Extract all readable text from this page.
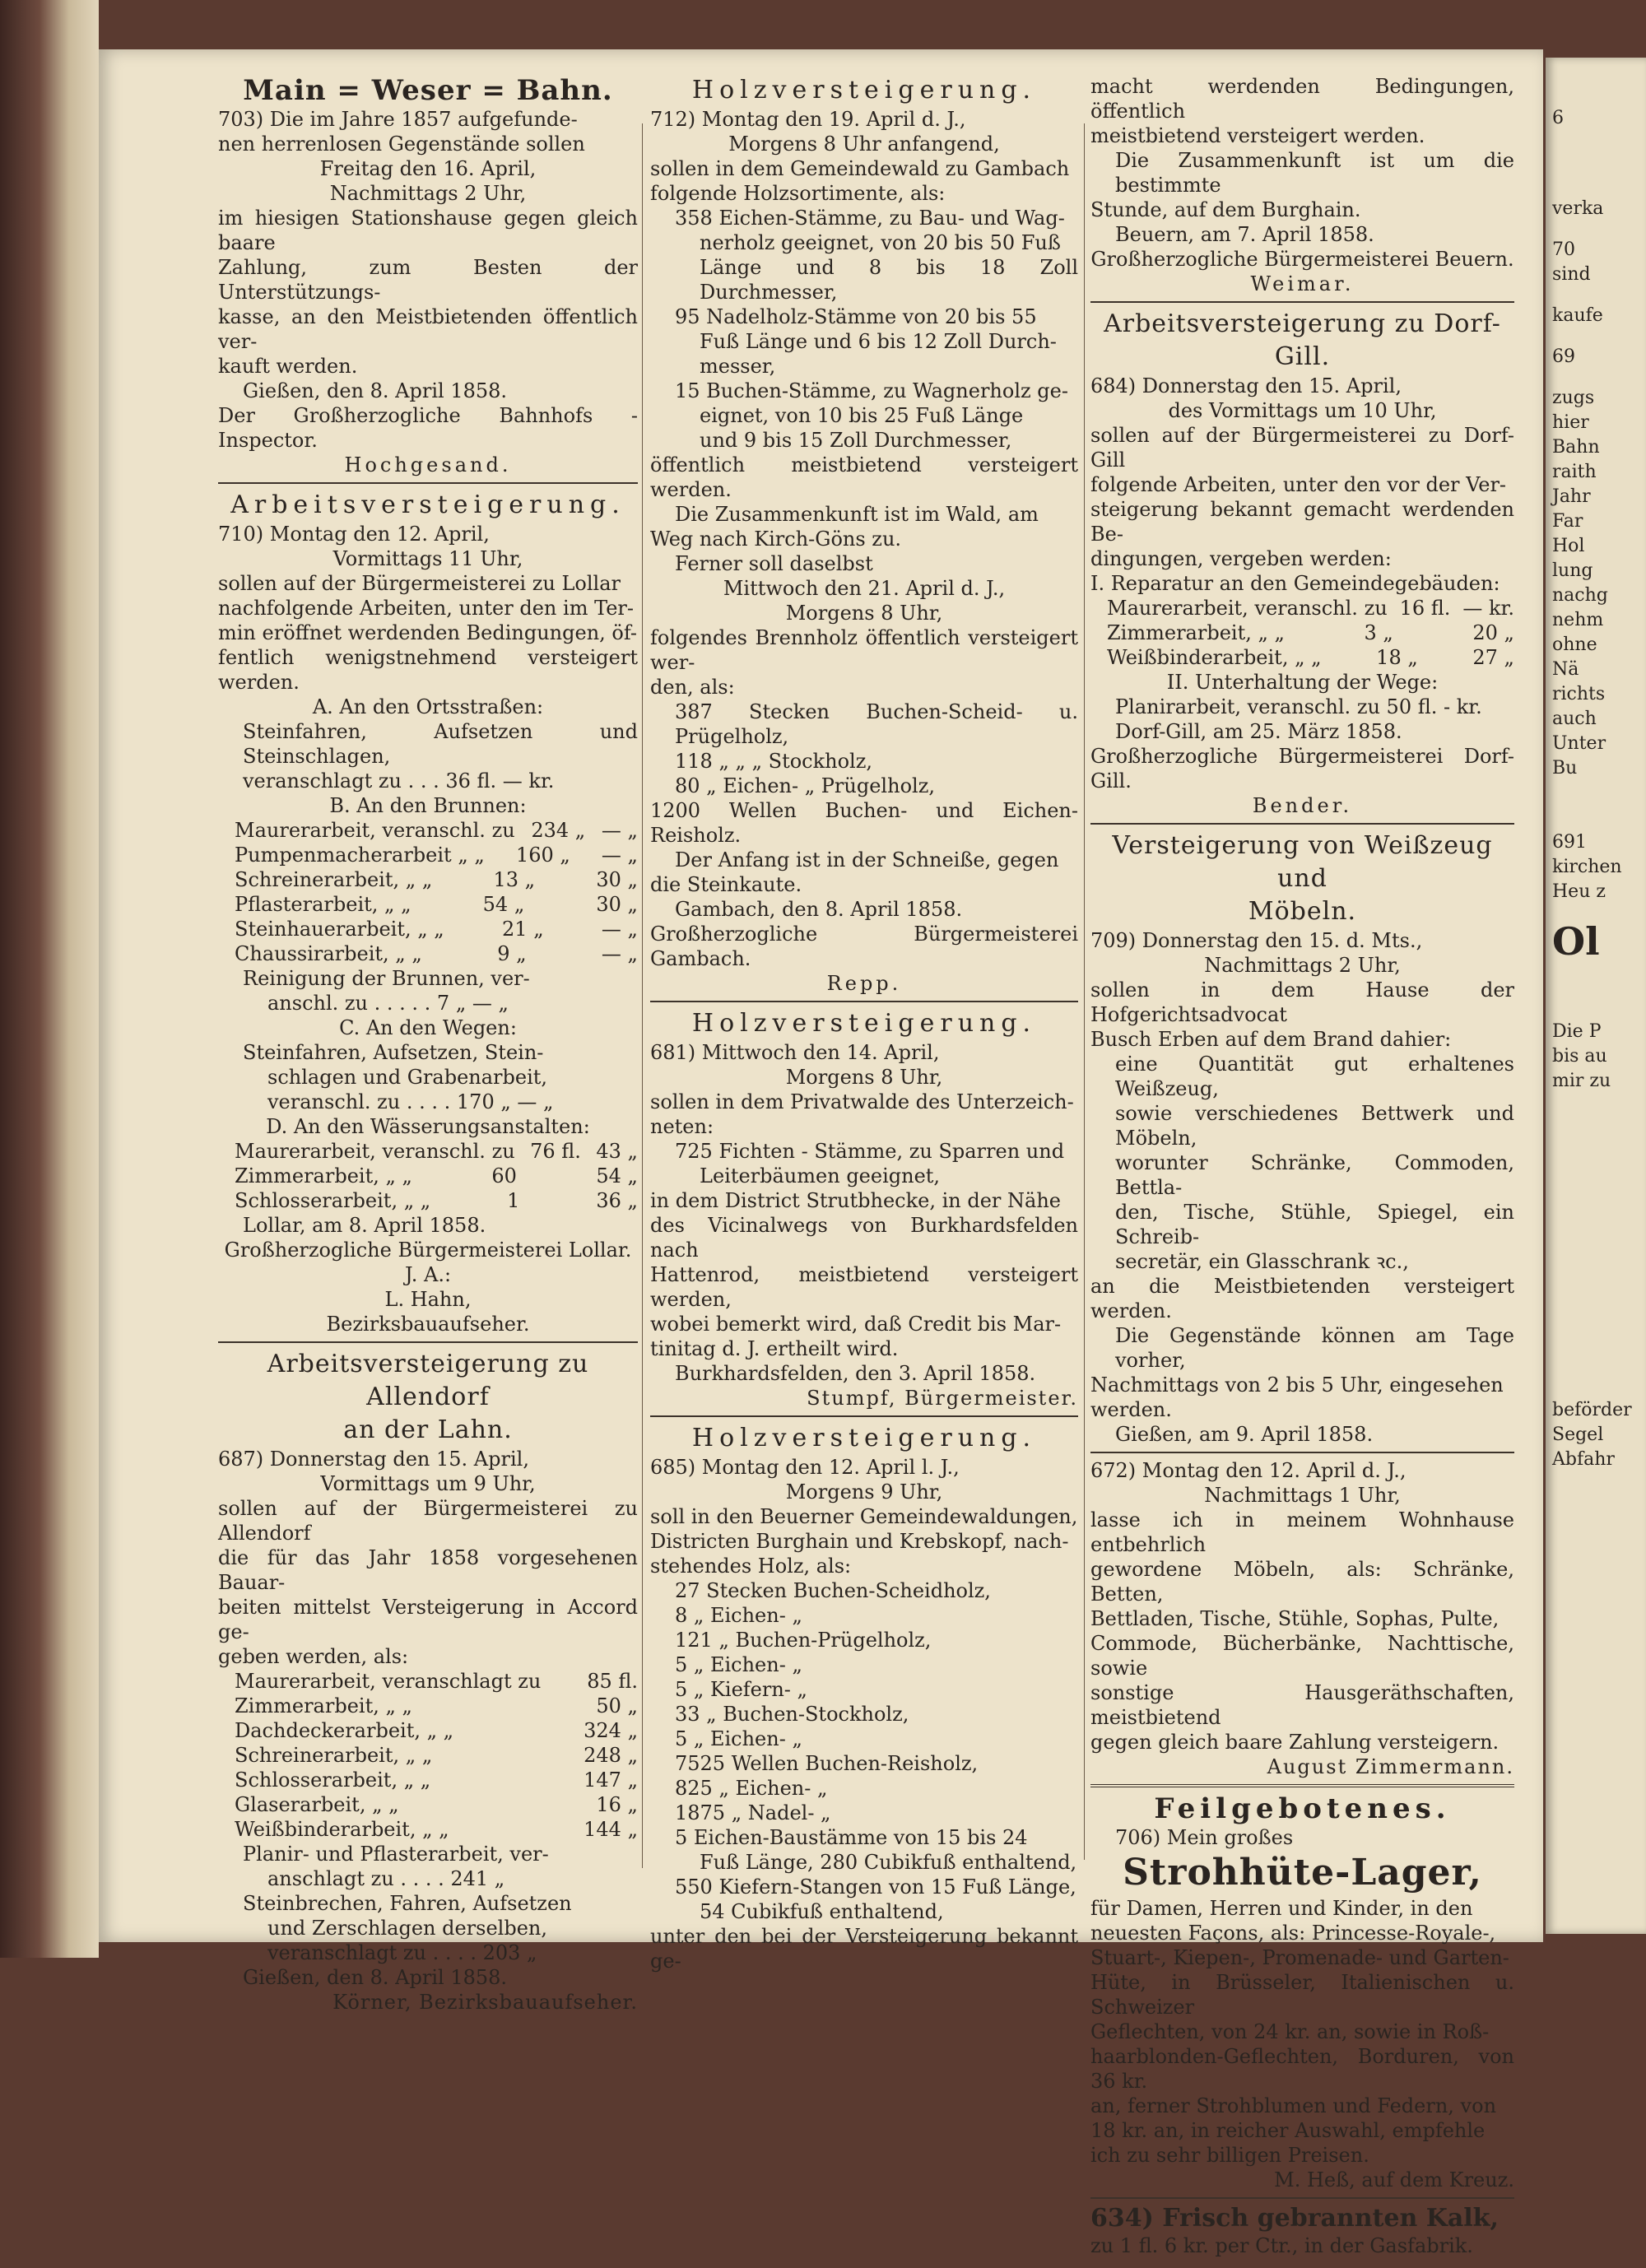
Main = Weser = Bahn.

703) Die im Jahre 1857 aufgefunde-

nen herrenlosen Gegenstände sollen

Freitag den 16. April,

Nachmittags 2 Uhr,

im hiesigen Stationshause gegen gleich baare

Zahlung, zum Besten der Unterstützungs-

kasse, an den Meistbietenden öffentlich ver-

kauft werden.

Gießen, den 8. April 1858.

Der Großherzogliche Bahnhofs - Inspector.

Hochgesand.

Arbeitsversteigerung.

710) Montag den 12. April,

Vormittags 11 Uhr,

sollen auf der Bürgermeisterei zu Lollar

nachfolgende Arbeiten, unter den im Ter-

min eröffnet werdenden Bedingungen, öf-

fentlich wenigstnehmend versteigert werden.

A. An den Ortsstraßen:

Steinfahren, Aufsetzen und Steinschlagen,

veranschlagt zu . . . 36 fl. — kr.

B. An den Brunnen:

Maurerarbeit, veranschl. zu 234 „ — „
Pumpenmacherarbeit „ „ 160 „ — „
Schreinerarbeit, „ „	13 „	30 „
Pflasterarbeit, „ „	54 „	30 „
Steinhauerarbeit, „ „	21 „	— „
Chaussirarbeit, „ „	9 „	— „

Reinigung der Brunnen, ver-

anschl. zu . . . . . 7 „ — „

C. An den Wegen:

Steinfahren, Aufsetzen, Stein-

schlagen und Grabenarbeit,

veranschl. zu . . . . 170 „ — „

D. An den Wässerungsanstalten:

Maurerarbeit, veranschl. zu 76 fl. 43 „
Zimmerarbeit, „ „	60	54 „
Schlosserarbeit, „ „	1	36 „

Lollar, am 8. April 1858.

Großherzogliche Bürgermeisterei Lollar.

J. A.:

L. Hahn,

Bezirksbauaufseher.

Arbeitsversteigerung zu Allendorf
an der Lahn.

687) Donnerstag den 15. April,

Vormittags um 9 Uhr,

sollen auf der Bürgermeisterei zu Allendorf

die für das Jahr 1858 vorgesehenen Bauar-

beiten mittelst Versteigerung in Accord ge-

geben werden, als:

Maurerarbeit, veranschlagt zu 85 fl.
Zimmerarbeit, „ „	50 „
Dachdeckerarbeit, „ „	324 „
Schreinerarbeit, „ „	248 „
Schlosserarbeit, „ „	147 „
Glaserarbeit, „ „	16 „
Weißbinderarbeit, „ „	144 „

Planir- und Pflasterarbeit, ver-

anschlagt zu . . . . 241 „

Steinbrechen, Fahren, Aufsetzen

und Zerschlagen derselben,

veranschlagt zu . . . . 203 „

Gießen, den 8. April 1858.

Körner, Bezirksbauaufseher.

Holzversteigerung.

712) Montag den 19. April d. J.,

Morgens 8 Uhr anfangend,

sollen in dem Gemeindewald zu Gambach

folgende Holzsortimente, als:

358 Eichen-Stämme, zu Bau- und Wag-

nerholz geeignet, von 20 bis 50 Fuß

Länge und 8 bis 18 Zoll Durchmesser,

95 Nadelholz-Stämme von 20 bis 55

Fuß Länge und 6 bis 12 Zoll Durch-

messer,

15 Buchen-Stämme, zu Wagnerholz ge-

eignet, von 10 bis 25 Fuß Länge

und 9 bis 15 Zoll Durchmesser,

öffentlich meistbietend versteigert werden.

Die Zusammenkunft ist im Wald, am

Weg nach Kirch-Göns zu.

Ferner soll daselbst

Mittwoch den 21. April d. J.,

Morgens 8 Uhr,

folgendes Brennholz öffentlich versteigert wer-

den, als:

387 Stecken Buchen-Scheid- u. Prügelholz,

118 „ „ „ Stockholz,

80 „ Eichen- „ Prügelholz,

1200 Wellen Buchen- und Eichen-Reisholz.

Der Anfang ist in der Schneiße, gegen

die Steinkaute.

Gambach, den 8. April 1858.

Großherzogliche Bürgermeisterei Gambach.

Repp.

Holzversteigerung.

681) Mittwoch den 14. April,

Morgens 8 Uhr,

sollen in dem Privatwalde des Unterzeich-

neten:

725 Fichten - Stämme, zu Sparren und

Leiterbäumen geeignet,

in dem District Strutbhecke, in der Nähe

des Vicinalwegs von Burkhardsfelden nach

Hattenrod, meistbietend versteigert werden,

wobei bemerkt wird, daß Credit bis Mar-

tinitag d. J. ertheilt wird.

Burkhardsfelden, den 3. April 1858.

Stumpf, Bürgermeister.

Holzversteigerung.

685) Montag den 12. April l. J.,

Morgens 9 Uhr,

soll in den Beuerner Gemeindewaldungen,

Districten Burghain und Krebskopf, nach-

stehendes Holz, als:

27 Stecken Buchen-Scheidholz,

8 „ Eichen- „

121 „ Buchen-Prügelholz,

5 „ Eichen- „

5 „ Kiefern- „

33 „ Buchen-Stockholz,

5 „ Eichen- „

7525 Wellen Buchen-Reisholz,

825 „ Eichen- „

1875 „ Nadel- „

5 Eichen-Baustämme von 15 bis 24

Fuß Länge, 280 Cubikfuß enthaltend,

550 Kiefern-Stangen von 15 Fuß Länge,

54 Cubikfuß enthaltend,

unter den bei der Versteigerung bekannt ge-

macht werdenden Bedingungen, öffentlich

meistbietend versteigert werden.

Die Zusammenkunft ist um die bestimmte

Stunde, auf dem Burghain.

Beuern, am 7. April 1858.

Großherzogliche Bürgermeisterei Beuern.

Weimar.

Arbeitsversteigerung zu Dorf-Gill.

684) Donnerstag den 15. April,

des Vormittags um 10 Uhr,

sollen auf der Bürgermeisterei zu Dorf-Gill

folgende Arbeiten, unter den vor der Ver-

steigerung bekannt gemacht werdenden Be-

dingungen, vergeben werden:

I. Reparatur an den Gemeindegebäuden:

Maurerarbeit, veranschl. zu 16 fl. — kr.
Zimmerarbeit, „ „	3 „	20 „
Weißbinderarbeit, „ „	18 „	27 „

II. Unterhaltung der Wege:

Planirarbeit, veranschl. zu 50 fl. - kr.

Dorf-Gill, am 25. März 1858.

Großherzogliche Bürgermeisterei Dorf-Gill.

Bender.

Versteigerung von Weißzeug und
Möbeln.

709) Donnerstag den 15. d. Mts.,

Nachmittags 2 Uhr,

sollen in dem Hause der Hofgerichtsadvocat

Busch Erben auf dem Brand dahier:

eine Quantität gut erhaltenes Weißzeug,

sowie verschiedenes Bettwerk und Möbeln,

worunter Schränke, Commoden, Bettla-

den, Tische, Stühle, Spiegel, ein Schreib-

secretär, ein Glasschrank ꝛc.,

an die Meistbietenden versteigert werden.

Die Gegenstände können am Tage vorher,

Nachmittags von 2 bis 5 Uhr, eingesehen

werden.

Gießen, am 9. April 1858.

672) Montag den 12. April d. J.,

Nachmittags 1 Uhr,

lasse ich in meinem Wohnhause entbehrlich

gewordene Möbeln, als: Schränke, Betten,

Bettladen, Tische, Stühle, Sophas, Pulte,

Commode, Bücherbänke, Nachttische, sowie

sonstige Hausgeräthschaften, meistbietend

gegen gleich baare Zahlung versteigern.

August Zimmermann.

Feilgebotenes.

706) Mein großes

Strohhüte-Lager,

für Damen, Herren und Kinder, in den

neuesten Façons, als: Princesse-Royale-,

Stuart-, Kiepen-, Promenade- und Garten-

Hüte, in Brüsseler, Italienischen u. Schweizer

Geflechten, von 24 kr. an, sowie in Roß-

haarblonden-Geflechten, Borduren, von 36 kr.

an, ferner Strohblumen und Federn, von

18 kr. an, in reicher Auswahl, empfehle

ich zu sehr billigen Preisen.

M. Heß, auf dem Kreuz.

634) Frisch gebrannten Kalk,

zu 1 fl. 6 kr. per Ctr., in der Gasfabrik.

6
verka
70
sind
kaufe
69
zugs
hier
Bahn
raith
Jahr
Far
Hol
lung
nachg
nehm
ohne
Nä
richts
auch
Unter
Bu
691
kirchen
Heu z
Ol
Die P
bis au
mir zu
beförder
Segel
Abfahr
